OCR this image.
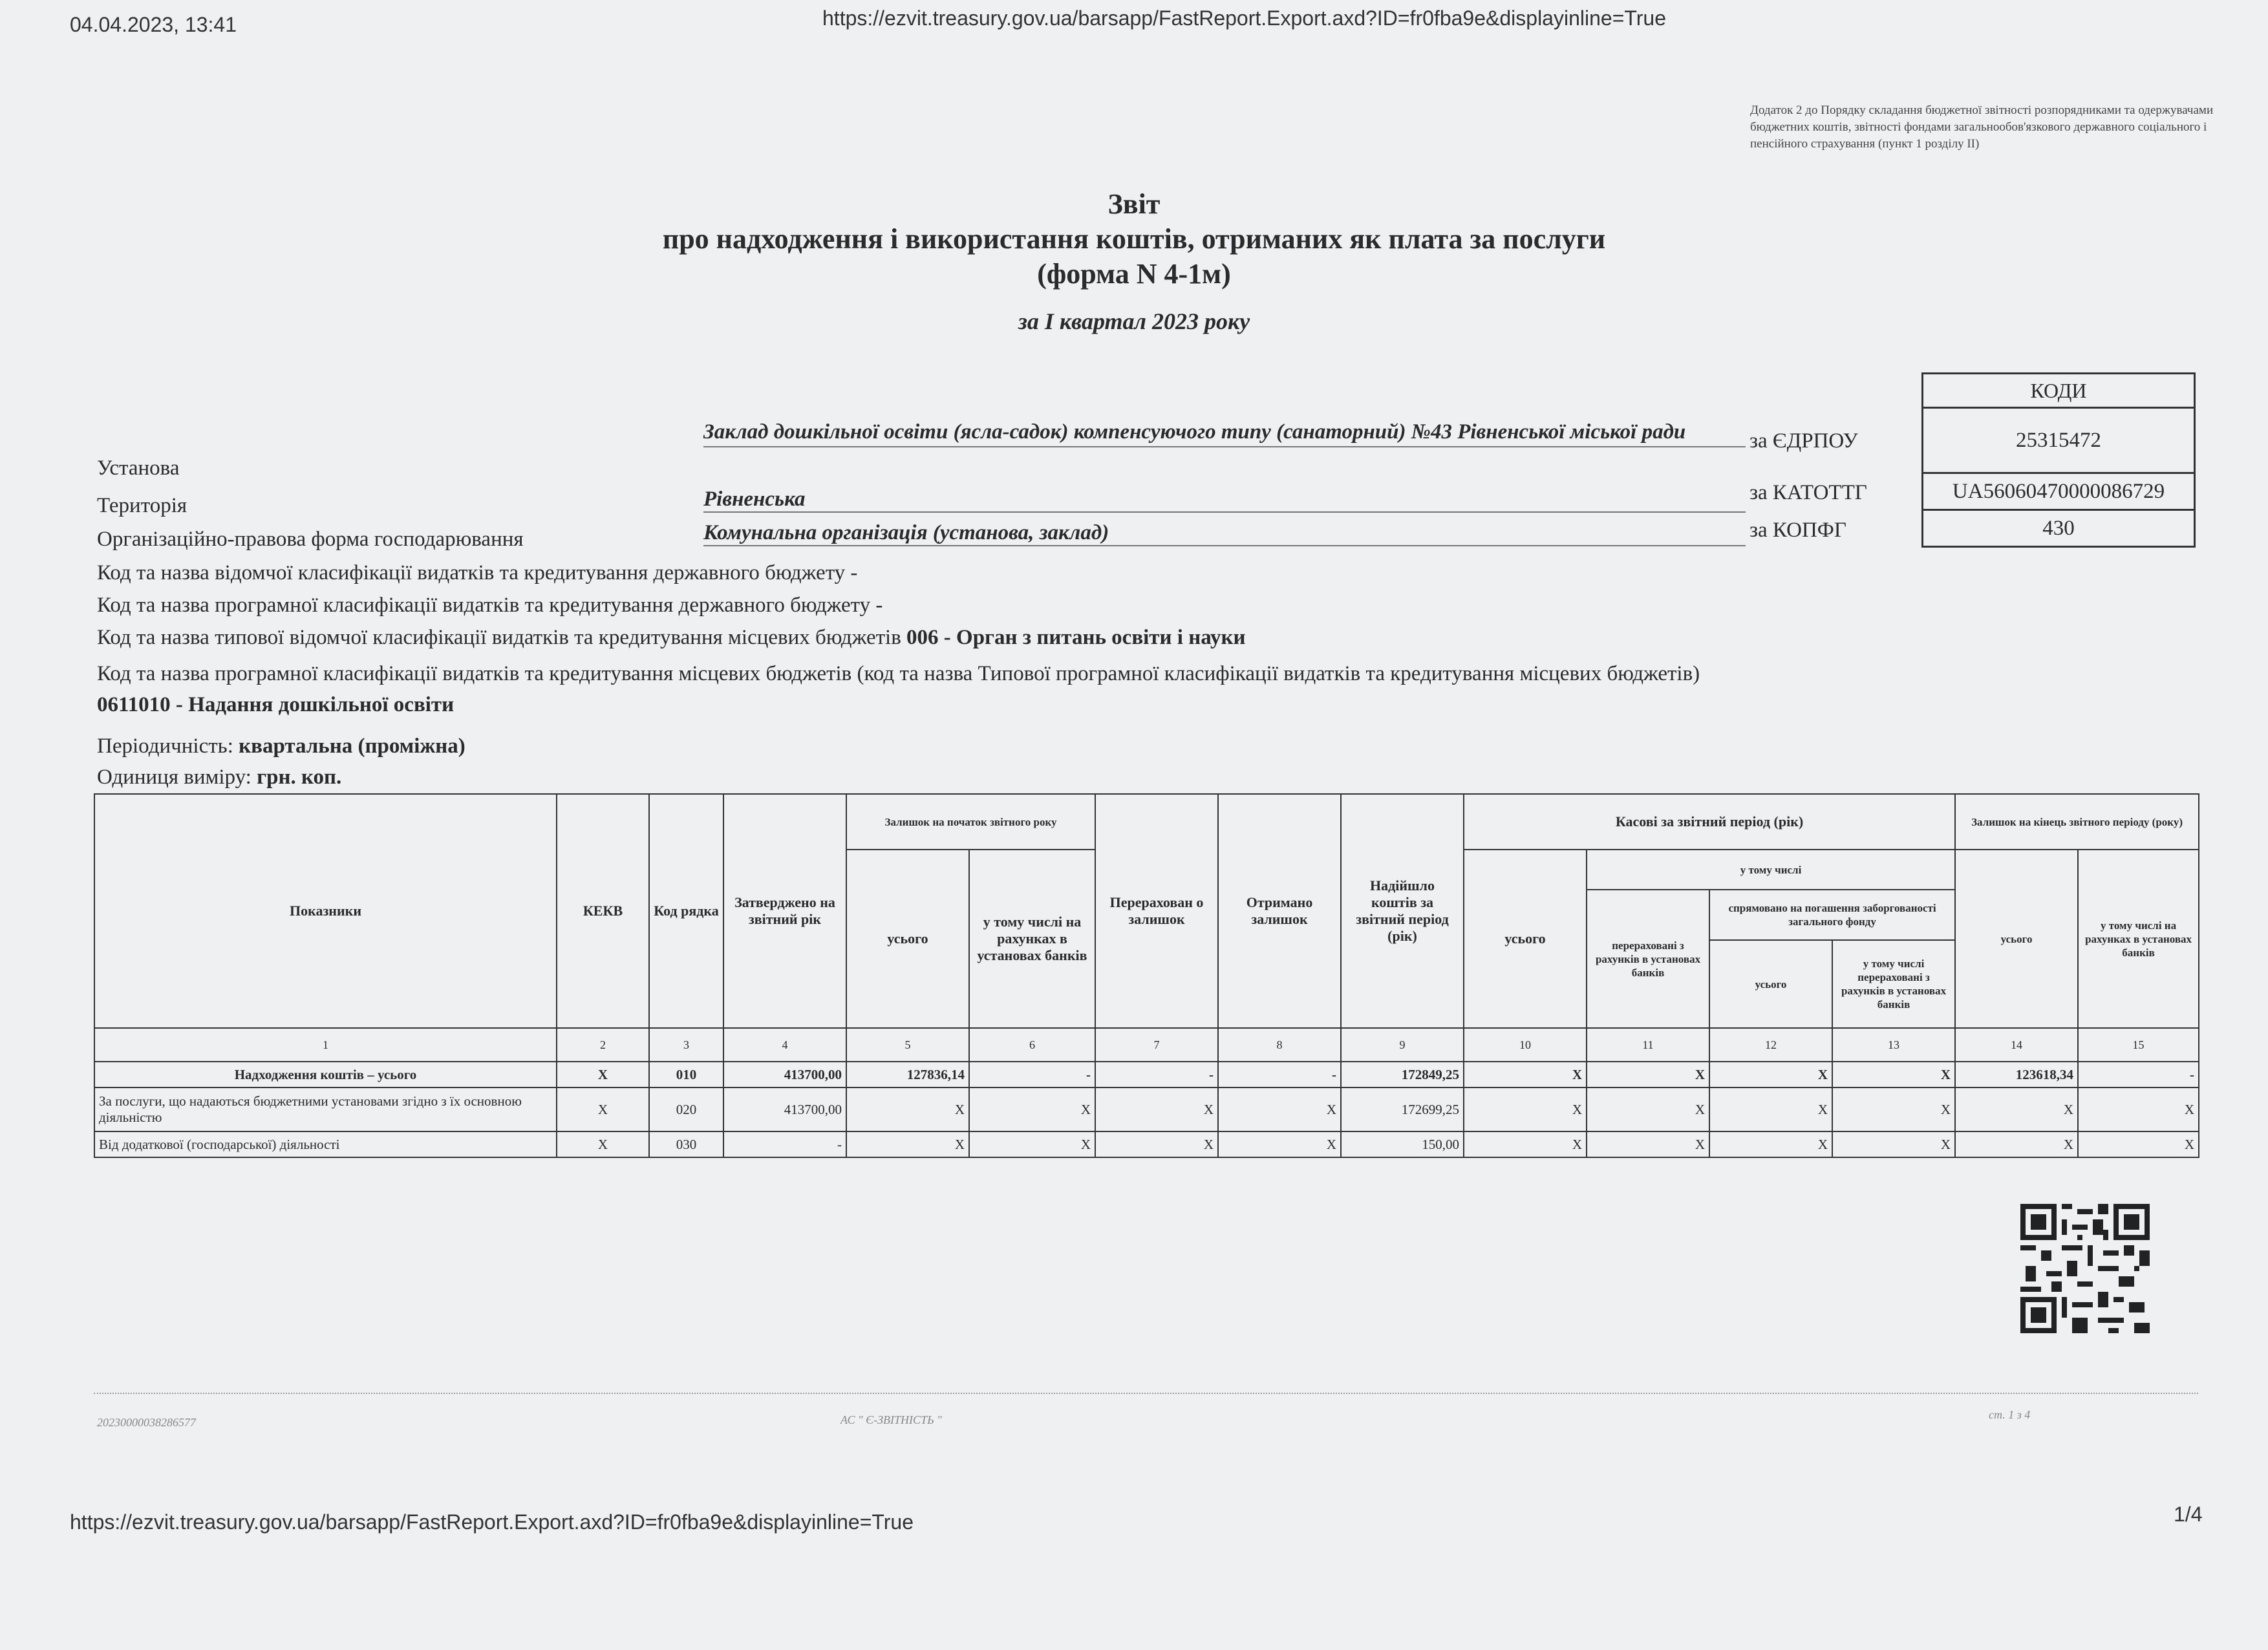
04.04.2023, 13:41	https://ezvit.treasury.gov.ua/barsapp/FastReport.Export.axd?ID=fr0fba9e&displayinline=True
https://ezvit.treasury.gov.ua/barsapp/FastReport.Export.axd?ID=fr0fba9e&displayinline=True	1/4
Додаток 2 до Порядку складання бюджетної звітності розпорядниками та одержувачами бюджетних коштів, звітності фондами загальнообов'язкового державного соціального і пенсійного страхування (пункт 1 розділу ІІ)
Звіт
про надходження і використання коштів, отриманих як плата за послуги
(форма N 4-1м)
за І квартал 2023 року
Установа
Заклад дошкільної освіти (ясла-садок) компенсуючого типу (санаторний) №43 Рівненської міської ради
Територія	Рівненська
Організаційно-правова форма господарювання	Комунальна організація (установа, заклад)
за ЄДРПОУ
за КАТОТТГ
за КОПФГ
КОДИ
25315472
UA56060470000086729
430
Код та назва відомчої класифікації видатків та кредитування державного бюджету -
Код та назва програмної класифікації видатків та кредитування державного бюджету -
Код та назва типової відомчої класифікації видатків та кредитування місцевих бюджетів 006 - Орган з питань освіти і науки
Код та назва програмної класифікації видатків та кредитування місцевих бюджетів (код та назва Типової програмної класифікації видатків та кредитування місцевих бюджетів) 0611010 - Надання дошкільної освіти
Періодичність: квартальна (проміжна)
Одиниця виміру: грн. коп.
Показники	КЕКВ	Код рядка	Затверджено на звітний рік	Залишок на початок звітного року		Перерахован о залишок	Отримано залишок	Надійшло коштів за звітний період (рік)	Касові за звітний період (рік)				Залишок на кінець звітного періоду (року)	
				усього	у тому числі на рахунках в установах банків				усього	у тому числі			усього	у тому числі на рахунках в установах банків
										перераховані з рахунків в установах банків	спрямовано на погашення заборгованості загального фонду			
											усього	у тому числі перераховані з рахунків в установах банків		
1	2	3	4	5	6	7	8	9	10	11	12	13	14	15
Надходження коштів – усього	X	010	413700,00	127836,14	-	-	-	172849,25	X	X	X	X	123618,34	-
За послуги, що надаються бюджетними установами згідно з їх основною діяльністю	X	020	413700,00	X	X	X	X	172699,25	X	X	X	X	X	X
Від додаткової (господарської) діяльності	X	030	-	X	X	X	X	150,00	X	X	X	X	X	X
20230000038286577	АС " Є-ЗВІТНІСТЬ "	ст. 1 з 4
